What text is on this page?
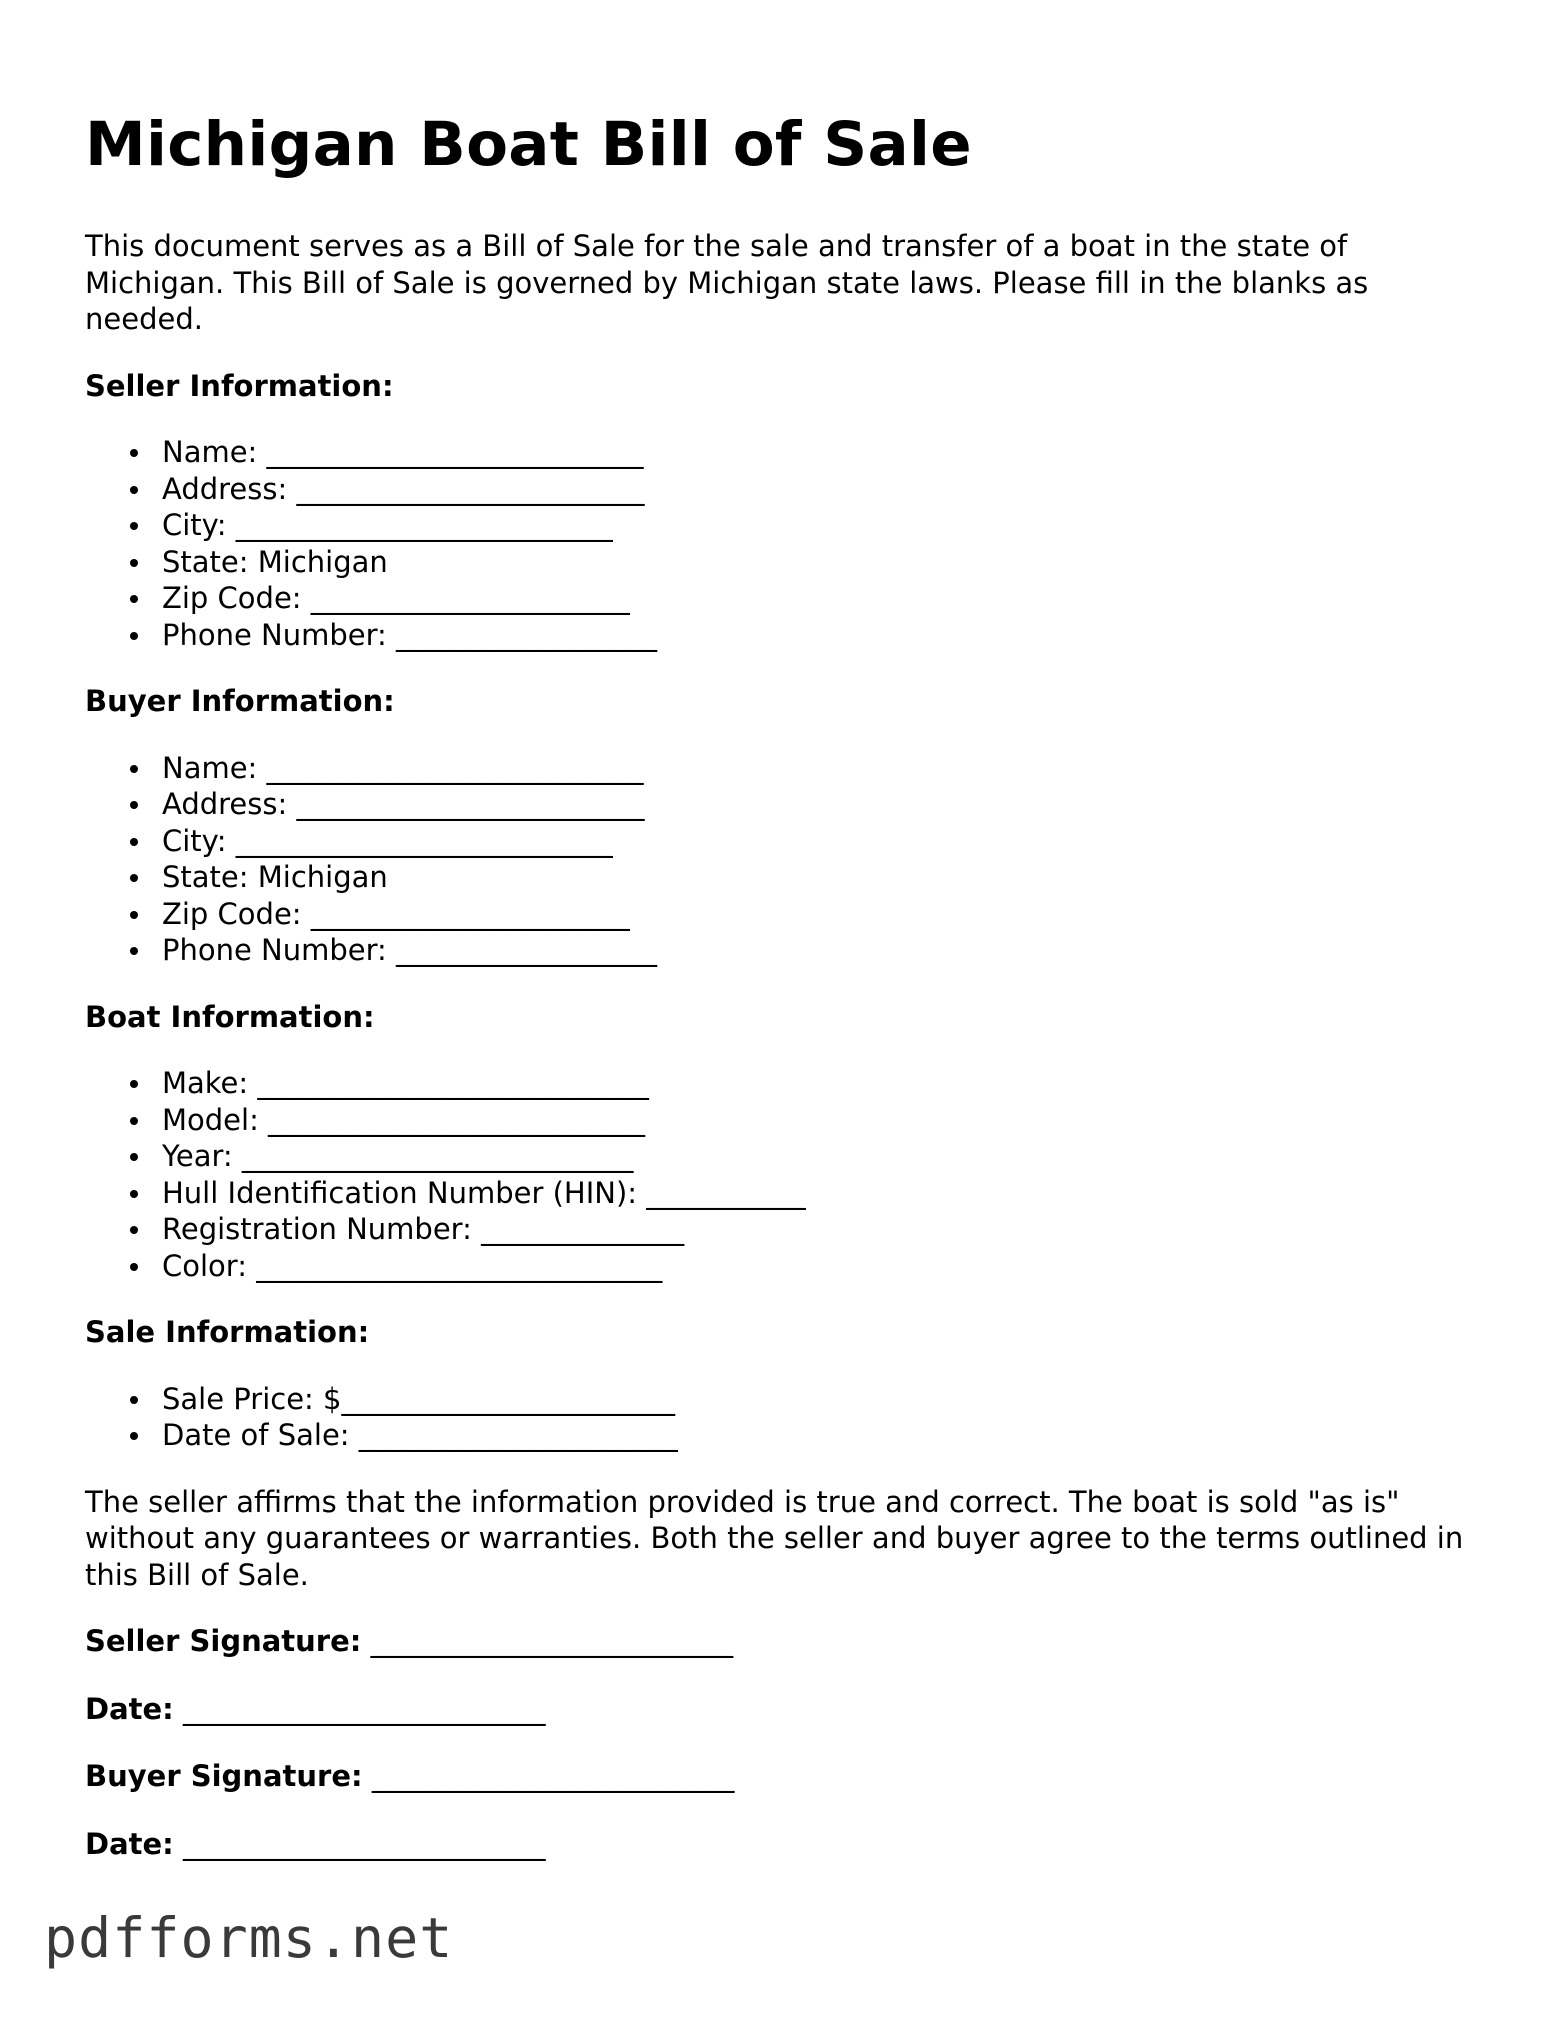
Michigan Boat Bill of Sale

This document serves as a Bill of Sale for the sale and transfer of a boat in the state of Michigan. This Bill of Sale is governed by Michigan state laws. Please fill in the blanks as needed.

Seller Information:
Name: __________________________
Address: ________________________
City: __________________________
State: Michigan
Zip Code: ______________________
Phone Number: __________________
Buyer Information:
Name: __________________________
Address: ________________________
City: __________________________
State: Michigan
Zip Code: ______________________
Phone Number: __________________
Boat Information:
Make: ___________________________
Model: __________________________
Year: ___________________________
Hull Identification Number (HIN): ___________
Registration Number: ______________
Color: ____________________________
Sale Information:
Sale Price: $_______________________
Date of Sale: ______________________

The seller affirms that the information provided is true and correct. The boat is sold "as is" without any guarantees or warranties. Both the seller and buyer agree to the terms outlined in this Bill of Sale.

Seller Signature: _________________________
Date: _________________________
Buyer Signature: _________________________
Date: _________________________
pdfforms.net
